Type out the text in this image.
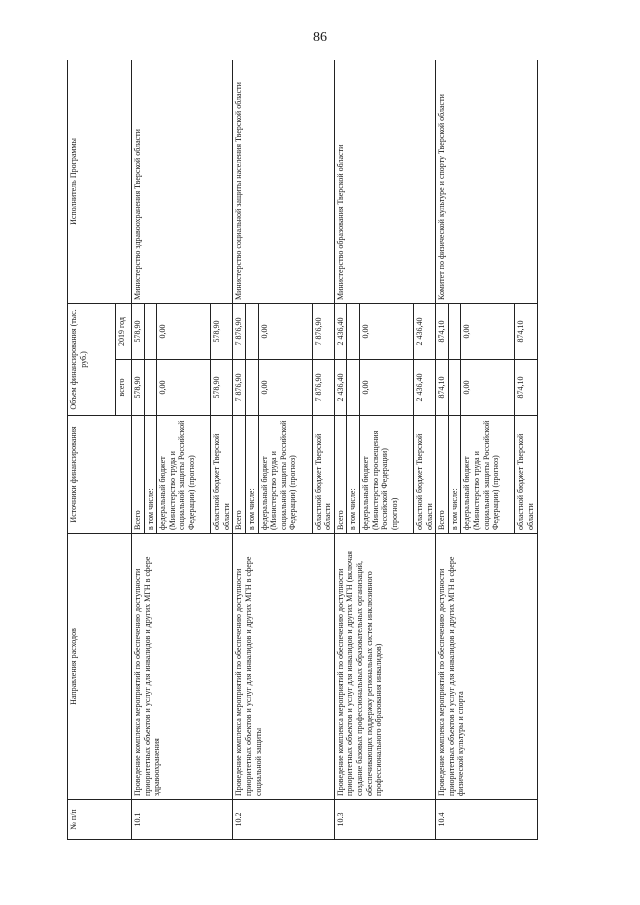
86
№ п/п	Направления расходов	Источники финансирования	Объем финансирования (тыс. руб.)		Исполнитель Программы
			всего	2019 год	
10.1	Проведение комплекса мероприятий по обеспечению доступности приоритетных объектов и услуг для инвалидов и других МГН в сфере здравоохранения	Всего	578,90	578,90	Министерство здравоохранения Тверской области
		в том числе:			
		федеральный бюджет (Министерство труда и социальной защиты Российской Федерации) (прогноз)	0,00	0,00	
		областной бюджет Тверской области	578,90	578,90	
10.2	Проведение комплекса мероприятий по обеспечению доступности приоритетных объектов и услуг для инвалидов и других МГН в сфере социальной защиты	Всего	7 876,90	7 876,90	Министерство социальной защиты населения Тверской области
		в том числе:			
		федеральный бюджет (Министерство труда и социальной защиты Российской Федерации) (прогноз)	0,00	0,00	
		областной бюджет Тверской области	7 876,90	7 876,90	
10.3	Проведение комплекса мероприятий по обеспечению доступности приоритетных объектов и услуг для инвалидов и других МГН (включая создание базовых профессиональных образовательных организаций, обеспечивающих поддержку региональных систем инклюзивного профессионального образования инвалидов)	Всего	2 436,40	2 436,40	Министерство образования Тверской области
		в том числе:			
		федеральный бюджет (Министерство просвещения Российской Федерации) (прогноз)	0,00	0,00	
		областной бюджет Тверской области	2 436,40	2 436,40	
10.4	Проведение комплекса мероприятий по обеспечению доступности приоритетных объектов и услуг для инвалидов и других МГН в сфере физической культуры и спорта	Всего	874,10	874,10	Комитет по физической культуре и спорту Тверской области
		в том числе:			
		федеральный бюджет (Министерство труда и социальной защиты Российской Федерации) (прогноз)	0,00	0,00	
		областной бюджет Тверской области	874,10	874,10	
